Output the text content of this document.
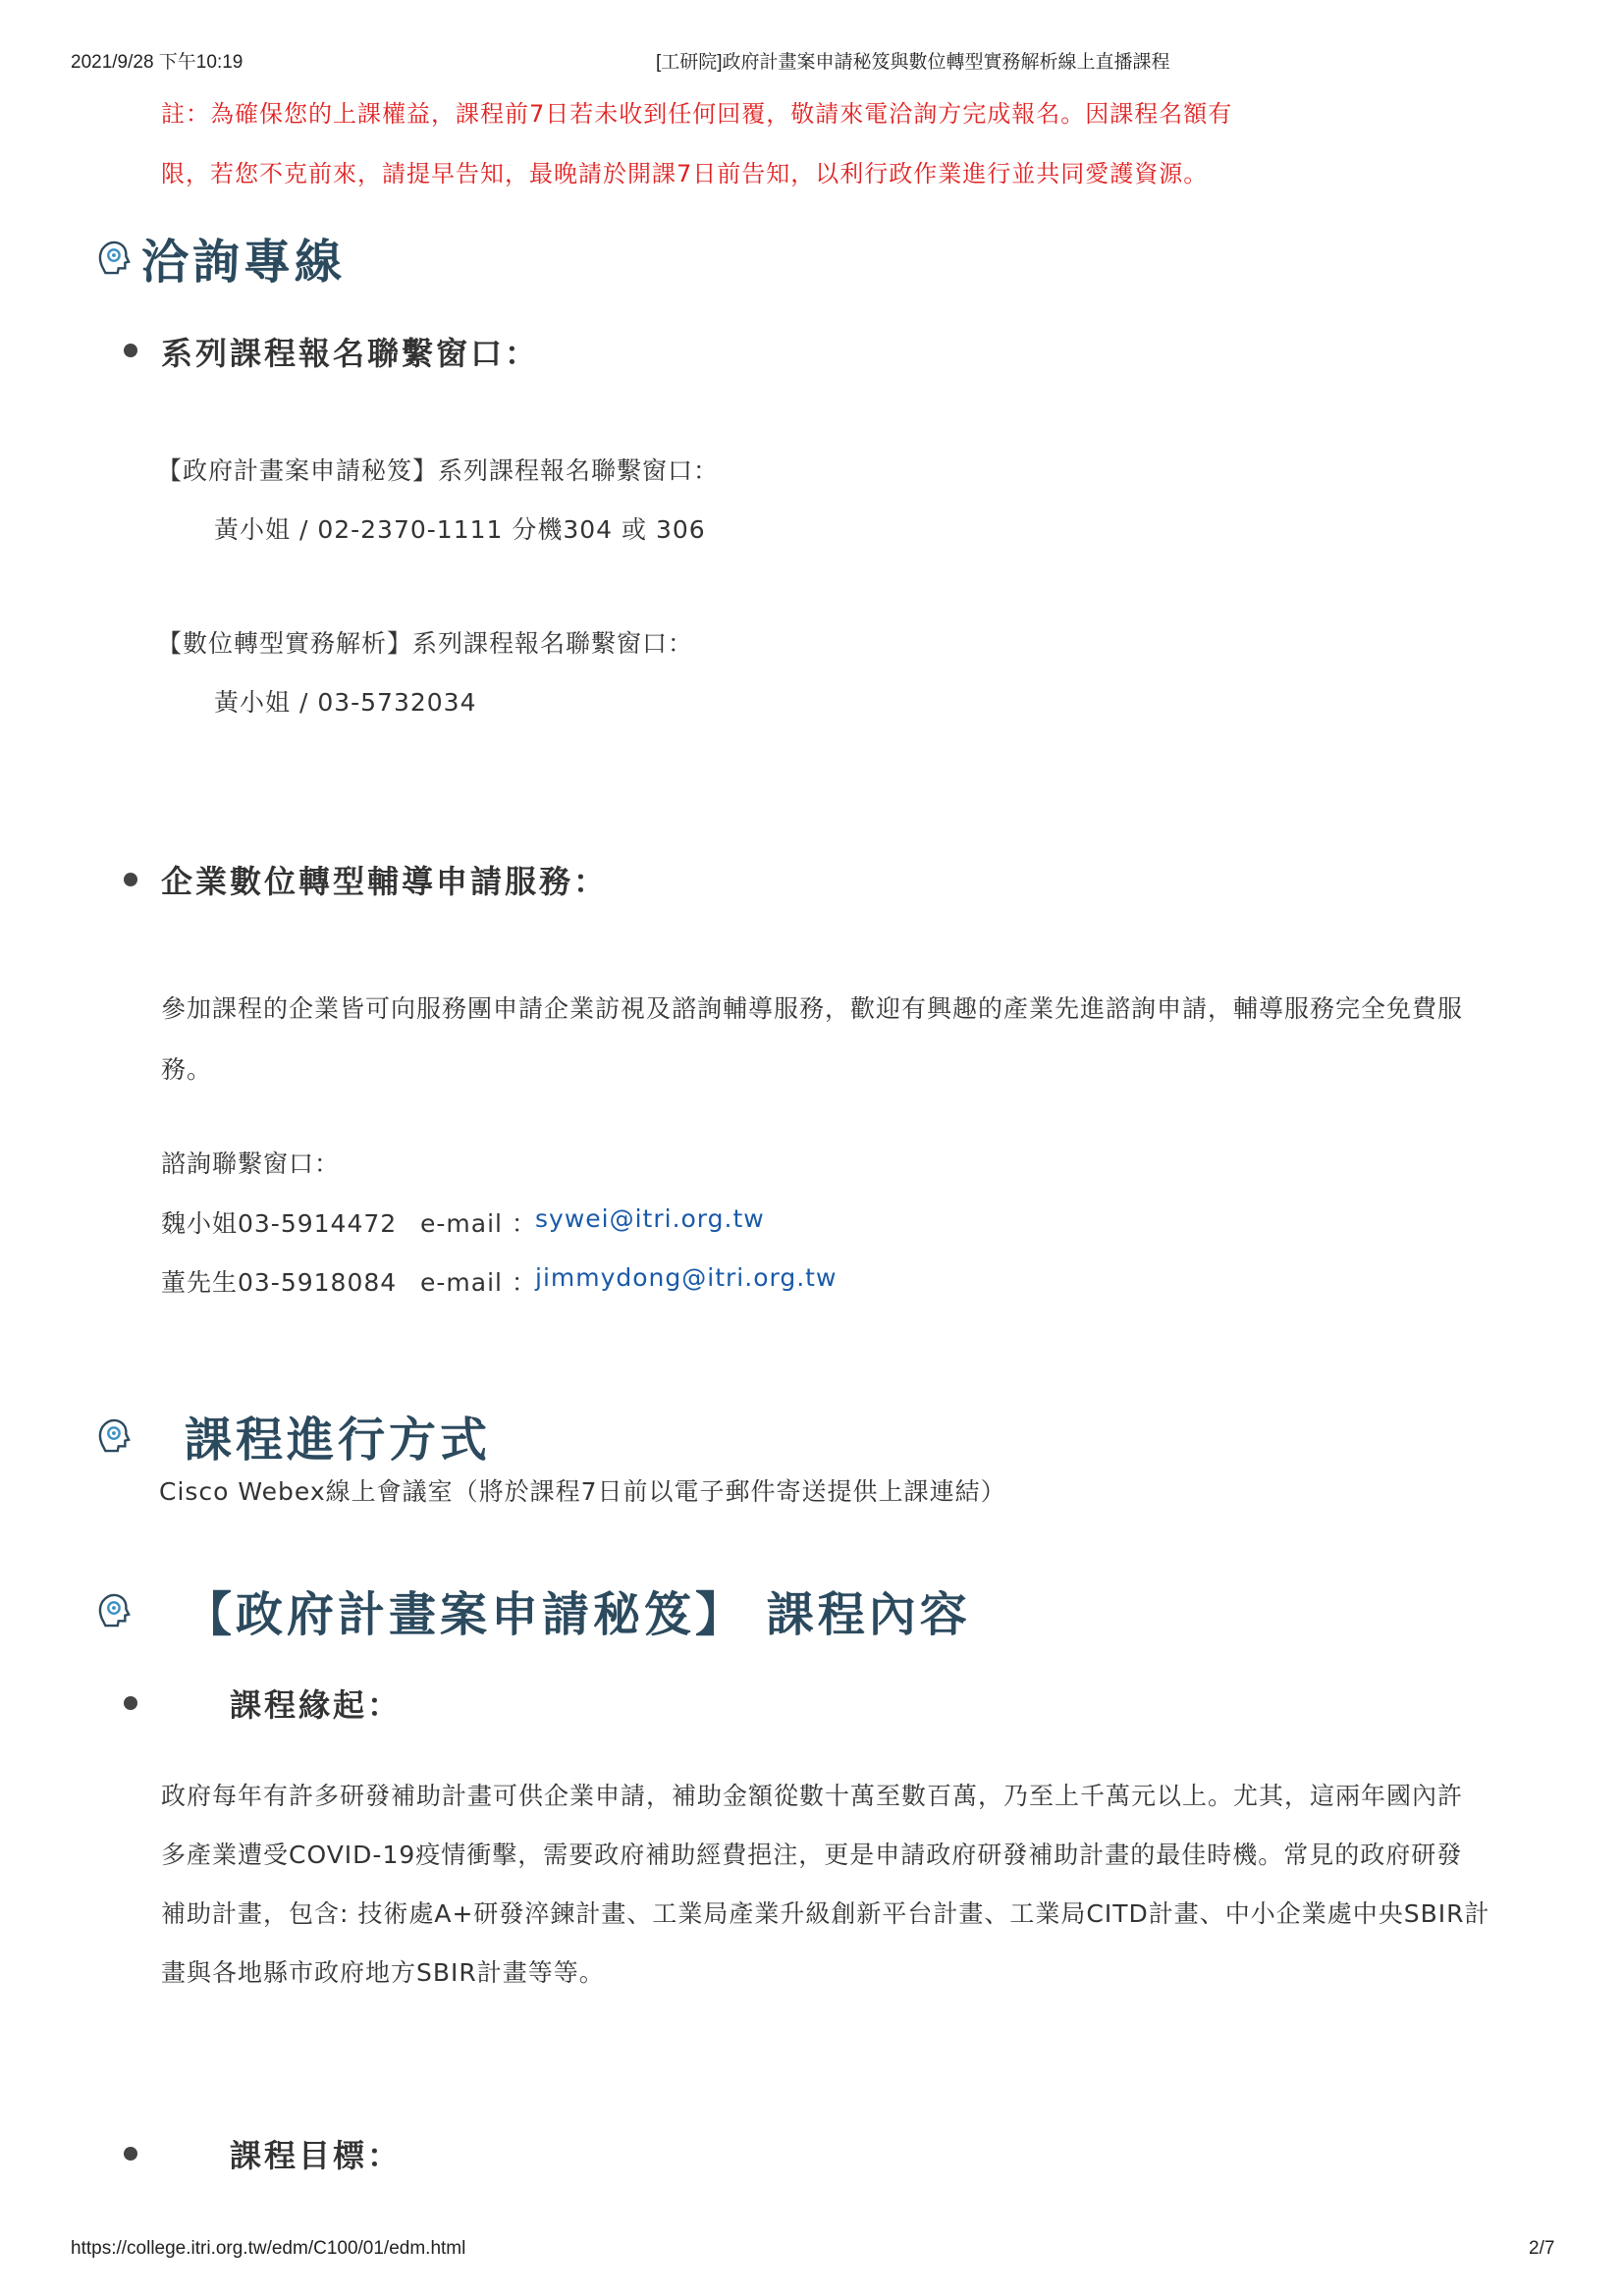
2021/9/28 下午10:19	[工研院]政府計畫案申請秘笈與數位轉型實務解析線上直播課程
註：為確保您的上課權益，課程前7日若未收到任何回覆，敬請來電洽詢方完成報名。因課程名額有
限，若您不克前來，請提早告知，最晚請於開課7日前告知，以利行政作業進行並共同愛護資源。
洽詢專線
系列課程報名聯繫窗口：
【政府計畫案申請秘笈】系列課程報名聯繫窗口：
黃小姐 / 02-2370-1111 分機304 或 306
【數位轉型實務解析】系列課程報名聯繫窗口：
黃小姐 / 03-5732034
企業數位轉型輔導申請服務：
參加課程的企業皆可向服務團申請企業訪視及諮詢輔導服務，歡迎有興趣的產業先進諮詢申請，輔導服務完全免費服
務。
諮詢聯繫窗口：
魏小姐03-5914472 e-mail ：
sywei@itri.org.tw
董先生03-5918084 e-mail ：
jimmydong@itri.org.tw
課程進行方式
Cisco Webex線上會議室（將於課程7日前以電子郵件寄送提供上課連結）
【政府計畫案申請秘笈】 課程內容
課程緣起：
政府每年有許多研發補助計畫可供企業申請，補助金額從數十萬至數百萬，乃至上千萬元以上。尤其，這兩年國內許
多產業遭受COVID-19疫情衝擊，需要政府補助經費挹注，更是申請政府研發補助計畫的最佳時機。常見的政府研發
補助計畫，包含: 技術處A+研發淬鍊計畫、工業局產業升級創新平台計畫、工業局CITD計畫、中小企業處中央SBIR計
畫與各地縣市政府地方SBIR計畫等等。
課程目標：
https://college.itri.org.tw/edm/C100/01/edm.html	2/7
